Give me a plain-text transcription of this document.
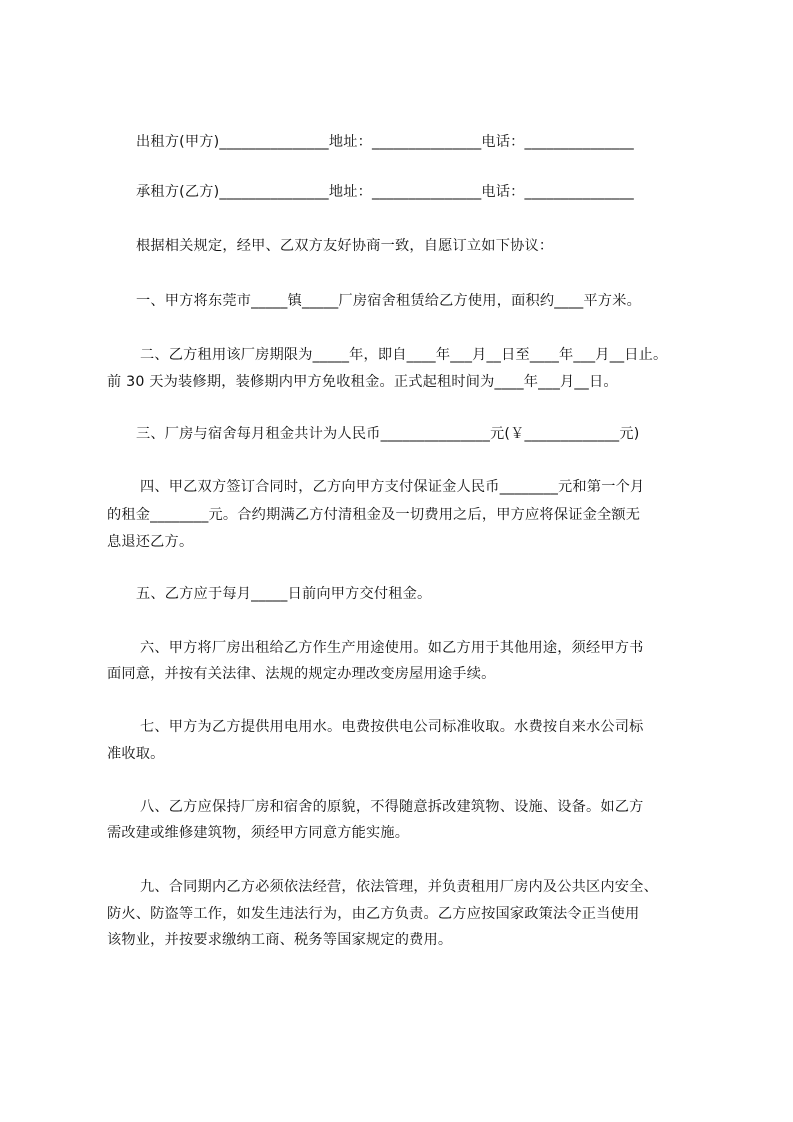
出租方(甲方)_______________地址：_______________电话：_______________
承租方(乙方)_______________地址：_______________电话：_______________
根据相关规定，经甲、乙双方友好协商一致，自愿订立如下协议：
一、甲方将东莞市_____镇_____厂房宿舍租赁给乙方使用，面积约____平方米。
二、乙方租用该厂房期限为_____年，即自____年___月__日至____年___月__日止。
前 30 天为装修期，装修期内甲方免收租金。正式起租时间为____年___月__日。
三、厂房与宿舍每月租金共计为人民币_______________元(￥_____________元)
四、甲乙双方签订合同时，乙方向甲方支付保证金人民币________元和第一个月
的租金________元。合约期满乙方付清租金及一切费用之后，甲方应将保证金全额无
息退还乙方。
五、乙方应于每月_____日前向甲方交付租金。
六、甲方将厂房出租给乙方作生产用途使用。如乙方用于其他用途，须经甲方书
面同意，并按有关法律、法规的规定办理改变房屋用途手续。
七、甲方为乙方提供用电用水。电费按供电公司标准收取。水费按自来水公司标
准收取。
八、乙方应保持厂房和宿舍的原貌，不得随意拆改建筑物、设施、设备。如乙方
需改建或维修建筑物，须经甲方同意方能实施。
九、合同期内乙方必须依法经营，依法管理，并负责租用厂房内及公共区内安全、
防火、防盗等工作，如发生违法行为，由乙方负责。乙方应按国家政策法令正当使用
该物业，并按要求缴纳工商、税务等国家规定的费用。
